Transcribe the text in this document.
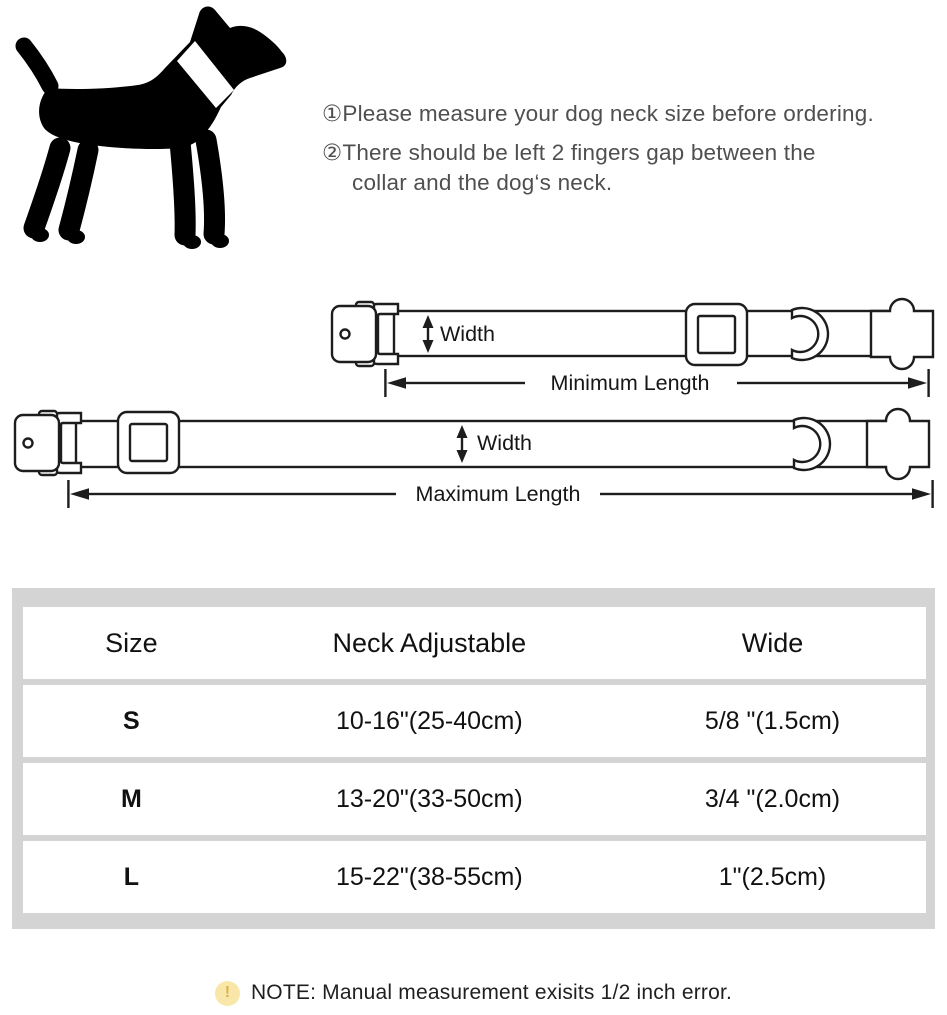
①Please measure your dog neck size before ordering.
②There should be left 2 fingers gap between the
collar and the dog‘s neck.
Width
Minimum Length
Width
Maximum Length
Size	Neck Adjustable	Wide
S	10-16"(25-40cm)	5/8 "(1.5cm)
M	13-20"(33-50cm)	3/4 "(2.0cm)
L	15-22"(38-55cm)	1"(2.5cm)
! NOTE: Manual measurement exisits 1/2 inch error.
